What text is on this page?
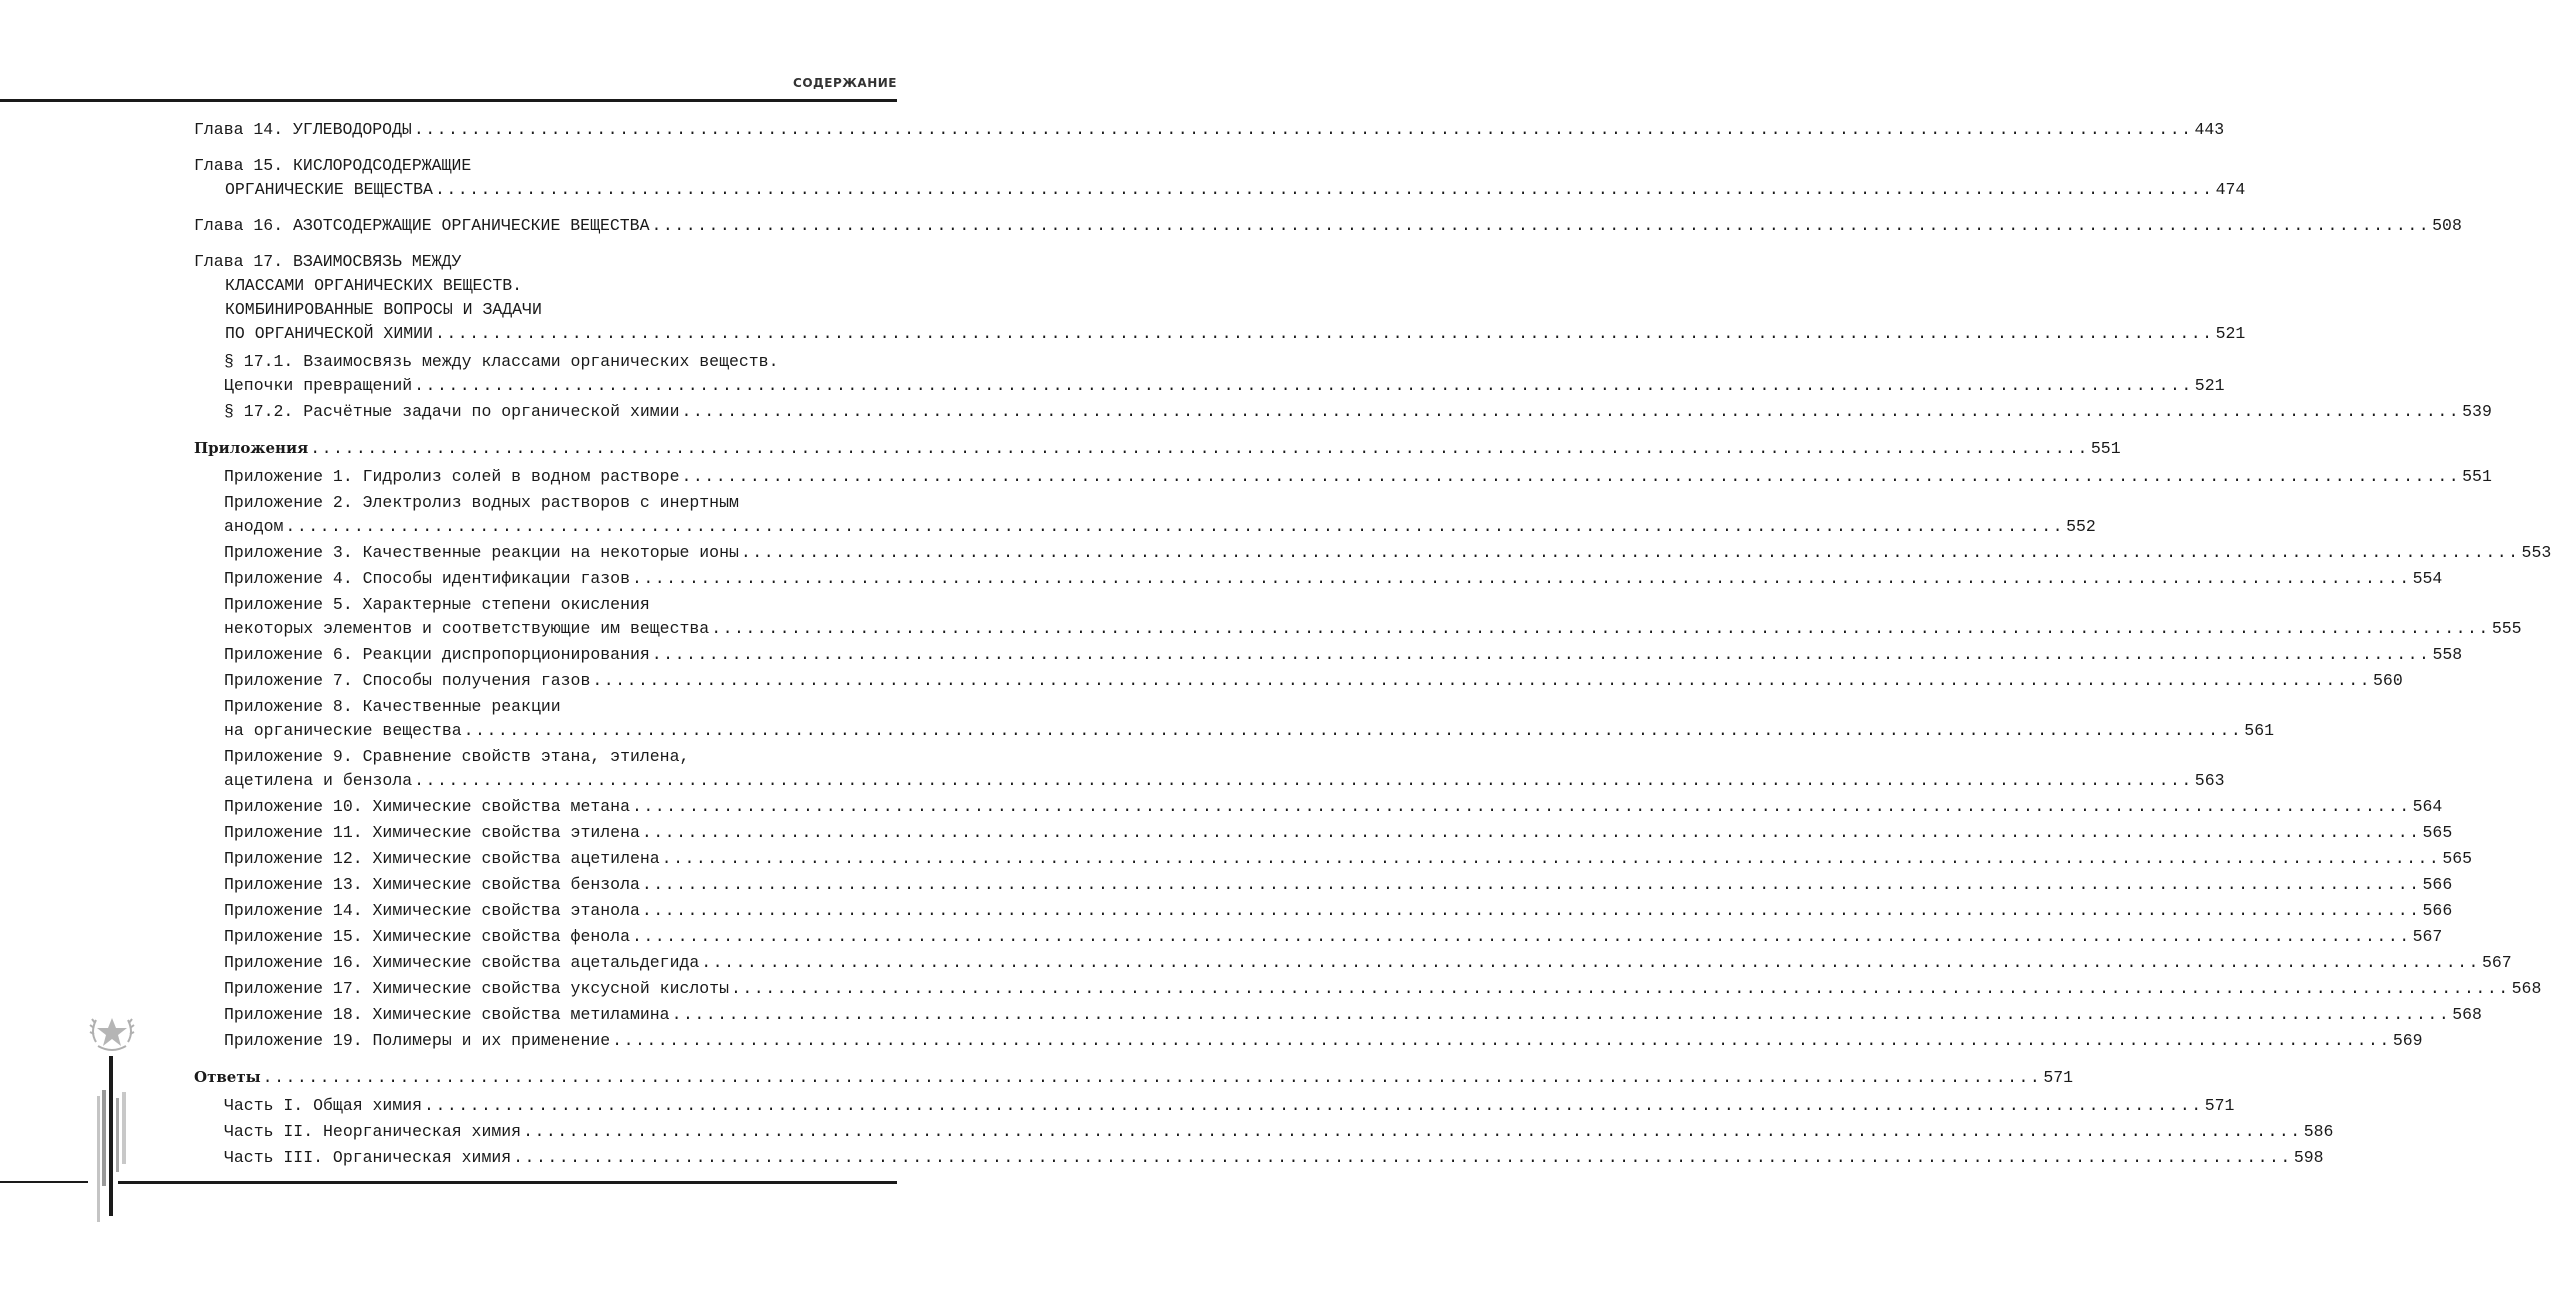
СОДЕРЖАНИЕ
Глава 14. УГЛЕВОДОРОДЫ ............................................................................................................................................................ 443
Глава 15. КИСЛОРОДСОДЕРЖАЩИЕ
ОРГАНИЧЕСКИЕ ВЕЩЕСТВА ............................................................................................................................................................ 474
Глава 16. АЗОТСОДЕРЖАЩИЕ ОРГАНИЧЕСКИЕ ВЕЩЕСТВА ............................................................................................................................................................ 508
Глава 17. ВЗАИМОСВЯЗЬ МЕЖДУ
КЛАССАМИ ОРГАНИЧЕСКИХ ВЕЩЕСТВ.
КОМБИНИРОВАННЫЕ ВОПРОСЫ И ЗАДАЧИ
ПО ОРГАНИЧЕСКОЙ ХИМИИ ............................................................................................................................................................ 521
§ 17.1. Взаимосвязь между классами органических веществ.
Цепочки превращений ............................................................................................................................................................ 521
§ 17.2. Расчётные задачи по органической химии ............................................................................................................................................................ 539
Приложения ............................................................................................................................................................ 551
Приложение 1. Гидролиз солей в водном растворе ............................................................................................................................................................ 551
Приложение 2. Электролиз водных растворов с инертным
анодом ............................................................................................................................................................ 552
Приложение 3. Качественные реакции на некоторые ионы ............................................................................................................................................................ 553
Приложение 4. Способы идентификации газов ............................................................................................................................................................ 554
Приложение 5. Характерные степени окисления
некоторых элементов и соответствующие им вещества ............................................................................................................................................................ 555
Приложение 6. Реакции диспропорционирования ............................................................................................................................................................ 558
Приложение 7. Способы получения газов ............................................................................................................................................................ 560
Приложение 8. Качественные реакции
на органические вещества ............................................................................................................................................................ 561
Приложение 9. Сравнение свойств этана, этилена,
ацетилена и бензола ............................................................................................................................................................ 563
Приложение 10. Химические свойства метана ............................................................................................................................................................ 564
Приложение 11. Химические свойства этилена ............................................................................................................................................................ 565
Приложение 12. Химические свойства ацетилена ............................................................................................................................................................ 565
Приложение 13. Химические свойства бензола ............................................................................................................................................................ 566
Приложение 14. Химические свойства этанола ............................................................................................................................................................ 566
Приложение 15. Химические свойства фенола ............................................................................................................................................................ 567
Приложение 16. Химические свойства ацетальдегида ............................................................................................................................................................ 567
Приложение 17. Химические свойства уксусной кислоты ............................................................................................................................................................ 568
Приложение 18. Химические свойства метиламина ............................................................................................................................................................ 568
Приложение 19. Полимеры и их применение ............................................................................................................................................................ 569
Ответы ............................................................................................................................................................ 571
Часть I. Общая химия ............................................................................................................................................................ 571
Часть II. Неорганическая химия ............................................................................................................................................................ 586
Часть III. Органическая химия ............................................................................................................................................................ 598
